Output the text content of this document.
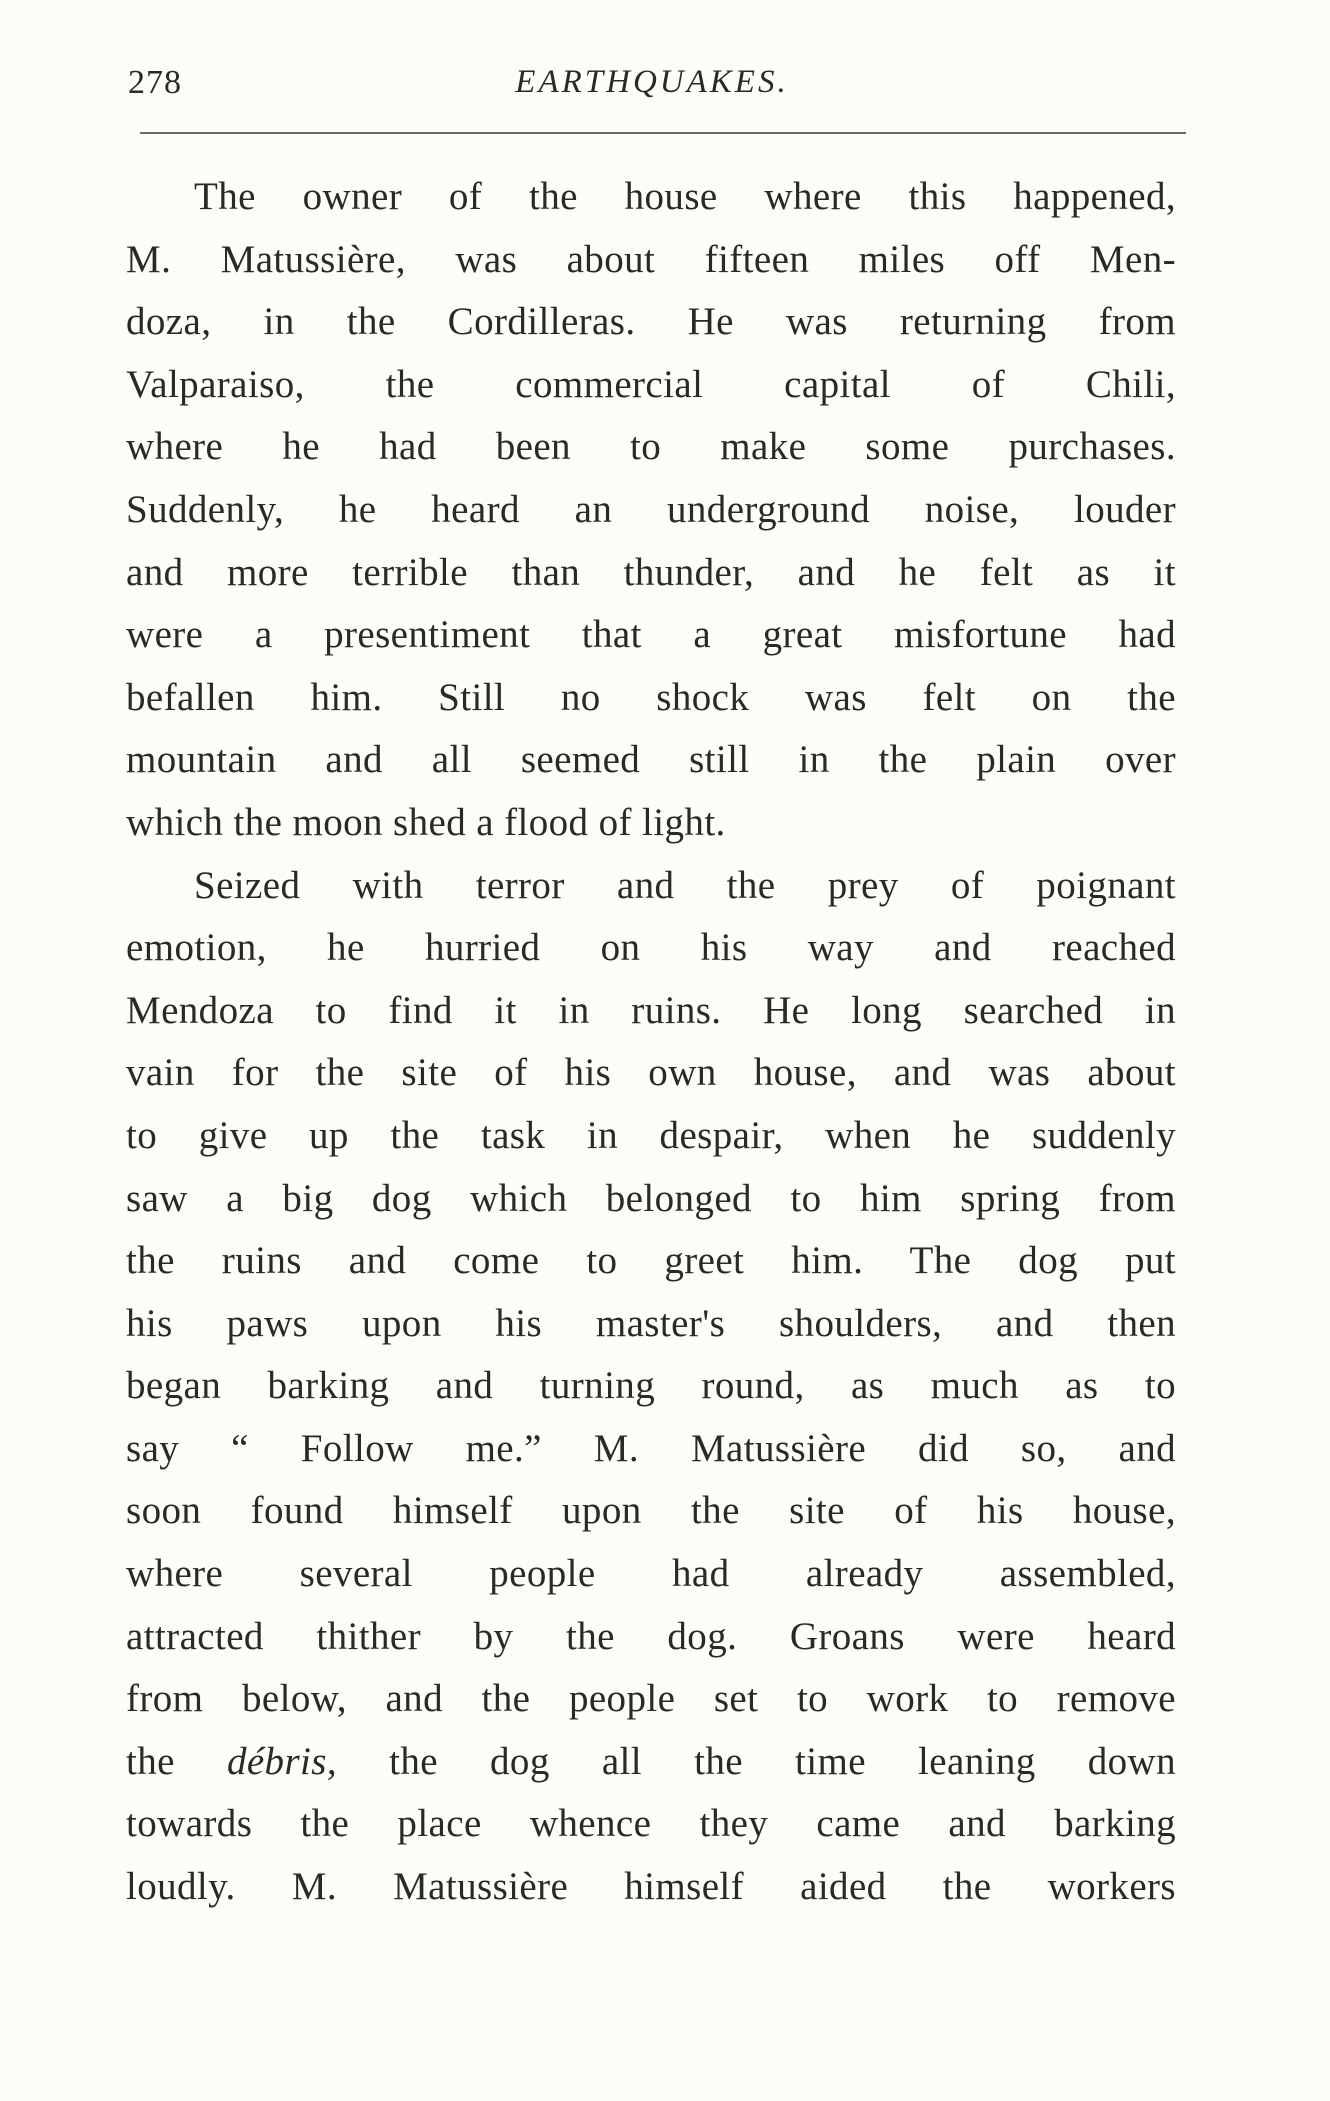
278	EARTHQUAKES.
The owner of the house where this happened,
M. Matussière, was about fifteen miles off Men-
doza, in the Cordilleras. He was returning from
Valparaiso, the commercial capital of Chili,
where he had been to make some purchases.
Suddenly, he heard an underground noise, louder
and more terrible than thunder, and he felt as it
were a presentiment that a great misfortune had
befallen him. Still no shock was felt on the
mountain and all seemed still in the plain over
which the moon shed a flood of light.
Seized with terror and the prey of poignant
emotion, he hurried on his way and reached
Mendoza to find it in ruins. He long searched in
vain for the site of his own house, and was about
to give up the task in despair, when he suddenly
saw a big dog which belonged to him spring from
the ruins and come to greet him. The dog put
his paws upon his master's shoulders, and then
began barking and turning round, as much as to
say “ Follow me.” M. Matussière did so, and
soon found himself upon the site of his house,
where several people had already assembled,
attracted thither by the dog. Groans were heard
from below, and the people set to work to remove
the débris, the dog all the time leaning down
towards the place whence they came and barking
loudly. M. Matussière himself aided the workers
